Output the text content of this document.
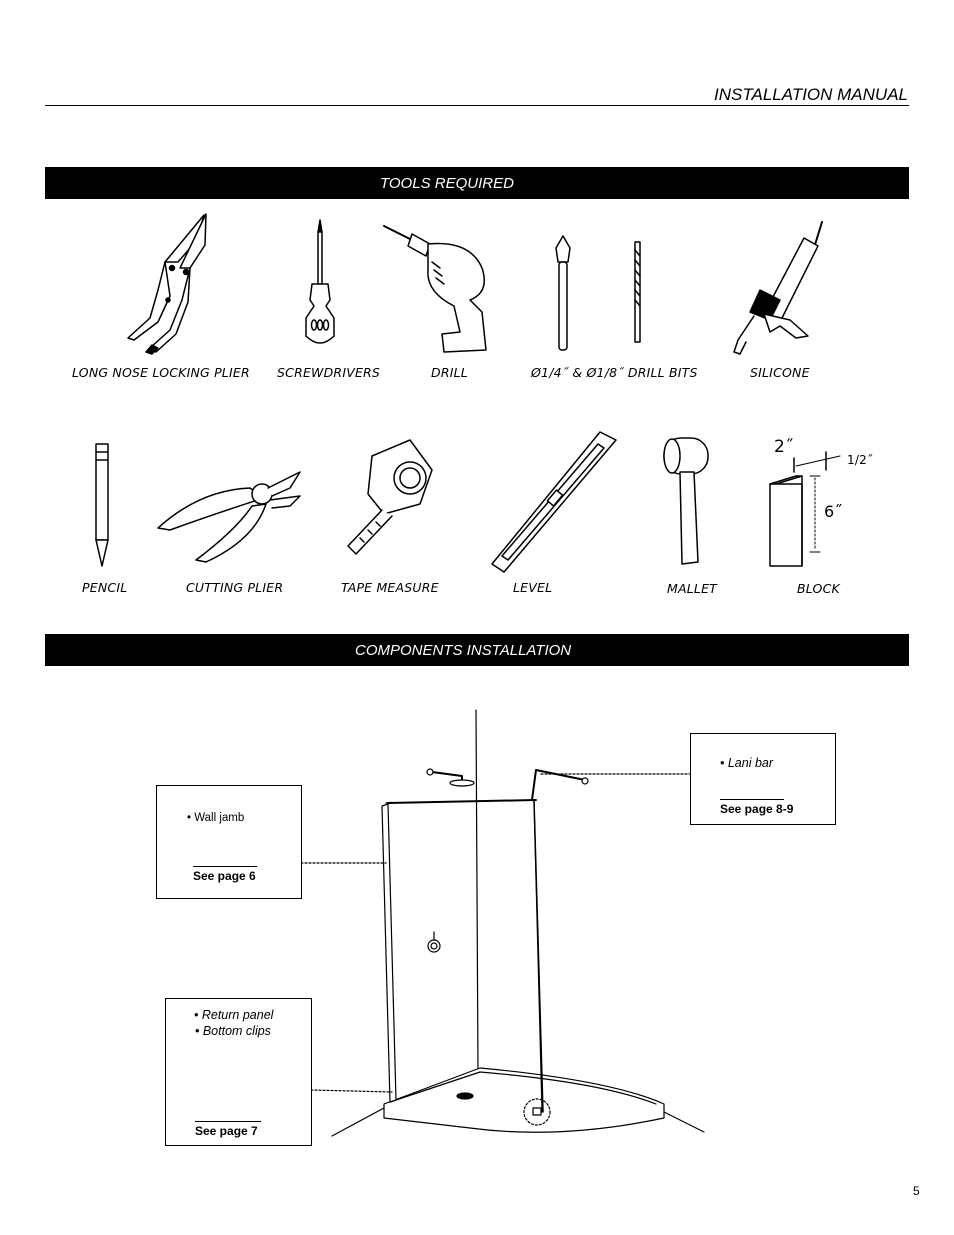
INSTALLATION MANUAL
TOOLS REQUIRED
2˝
1/2˝
6˝
LONG NOSE LOCKING PLIER SCREWDRIVERS	DRILL	Ø1/4˝ & Ø1/8˝ DRILL BITS	SILICONE
PENCIL	CUTTING PLIER	TAPE MEASURE	LEVEL	MALLET	BLOCK
COMPONENTS INSTALLATION
• Wall jamb
See page 6
• Lani bar
See page 8-9
• Return panel
• Bottom clips
See page 7
5
